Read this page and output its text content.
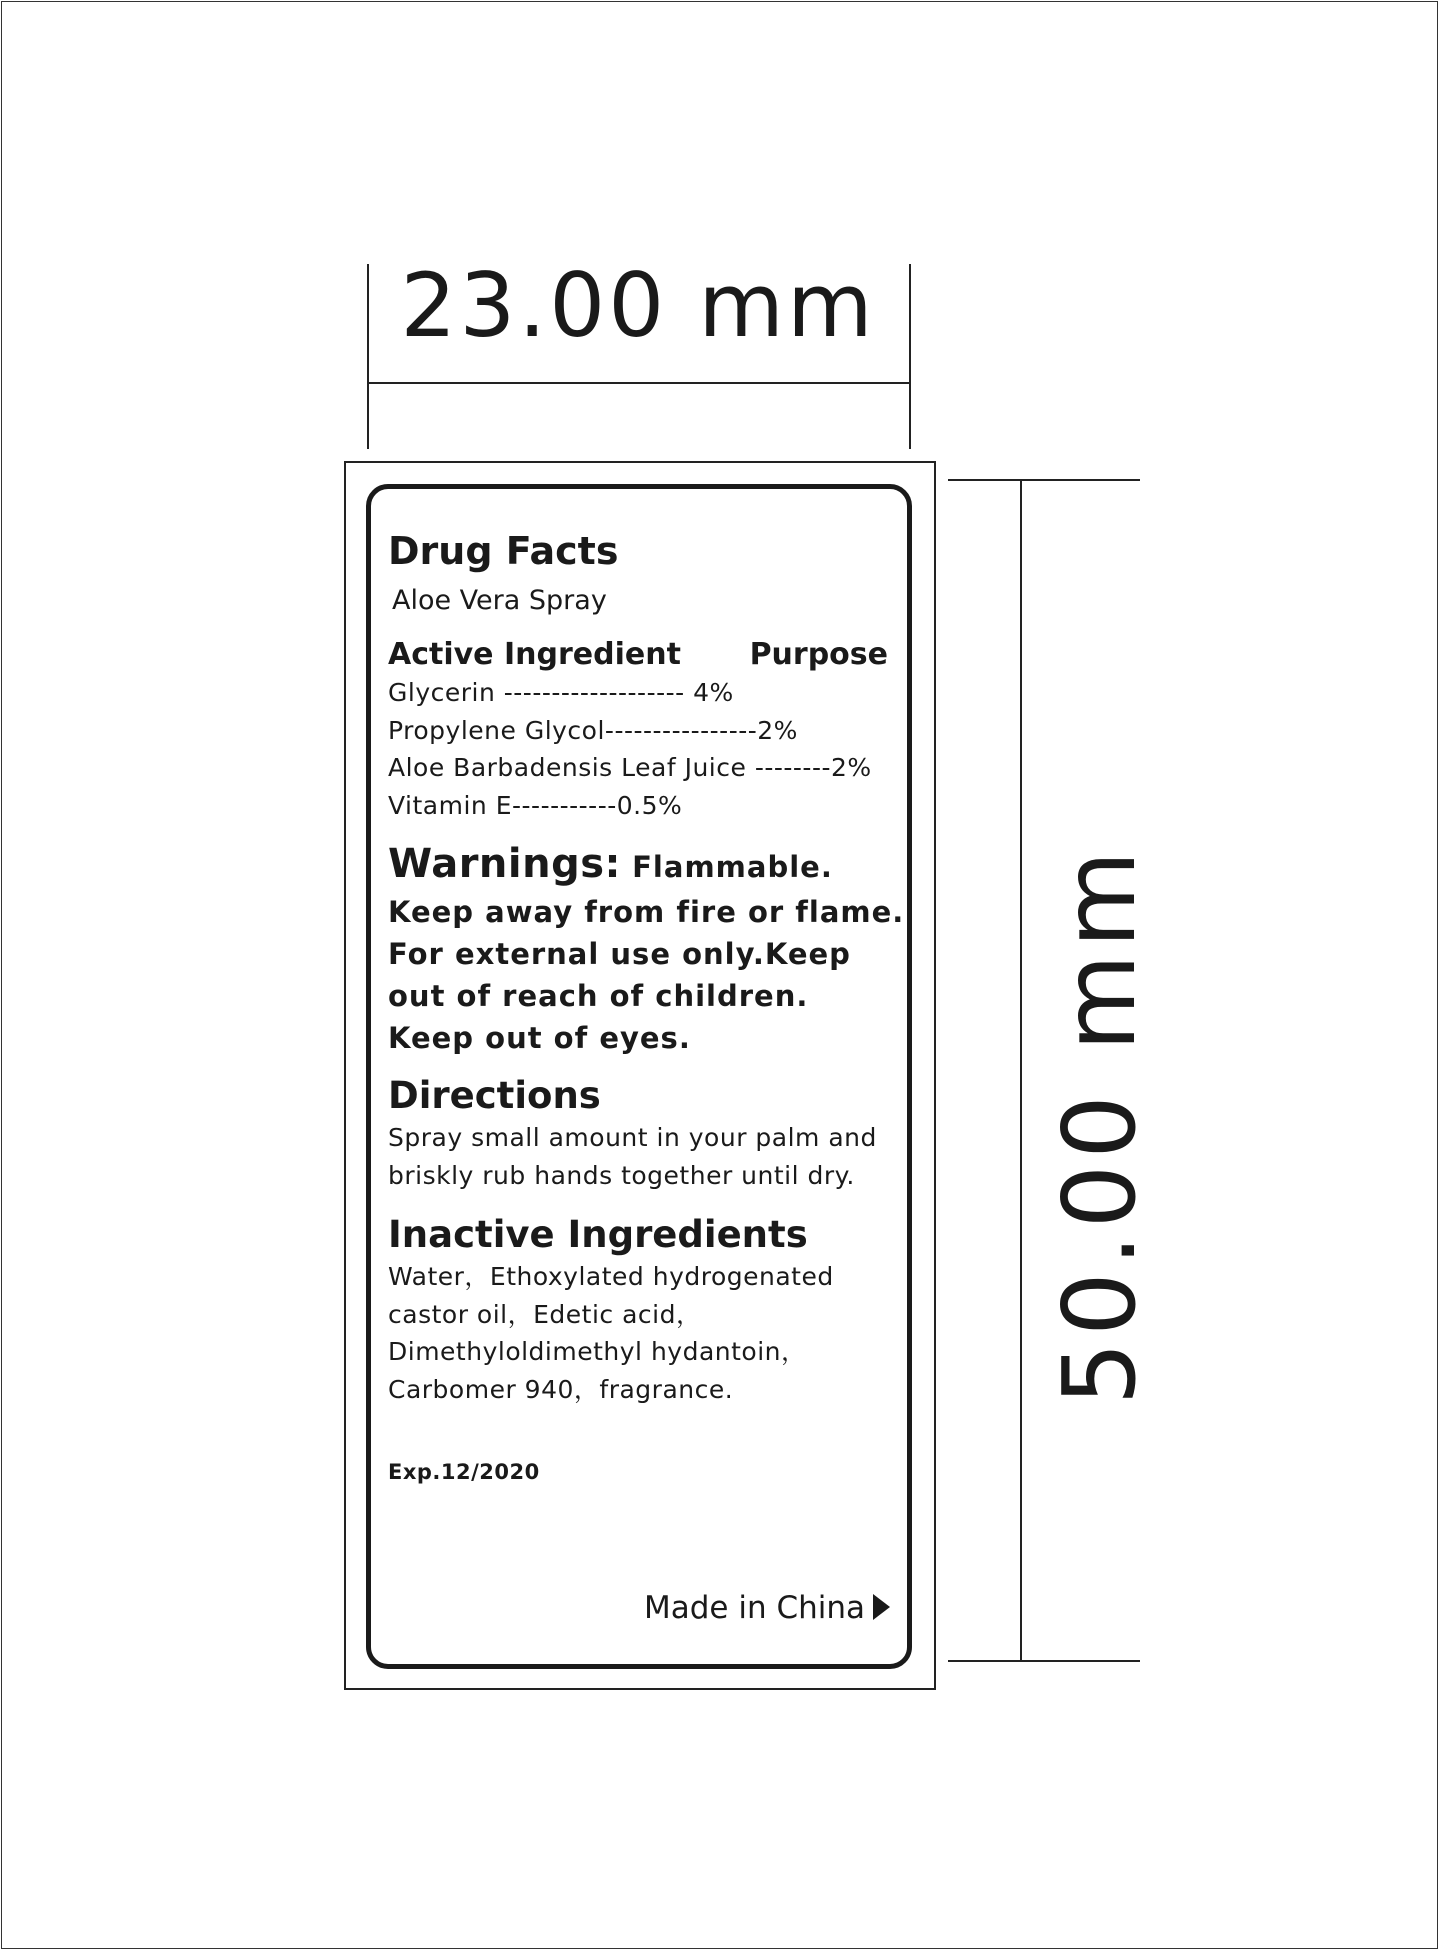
23.00 mm
50.00 mm
Drug Facts
Aloe Vera Spray
Active Ingredient Purpose
Glycerin ------------------- 4%
Propylene Glycol----------------2%
Aloe Barbadensis Leaf Juice --------2%
Vitamin E-----------0.5%
Warnings: Flammable.
Keep away from fire or flame.
For external use only.Keep
out of reach of children.
Keep out of eyes.
Directions
Spray small amount in your palm and
briskly rub hands together until dry.
Inactive Ingredients
Water，Ethoxylated hydrogenated
castor oil，Edetic acid，
Dimethyloldimethyl hydantoin，
Carbomer 940，fragrance.
Exp.12/2020
Made in China
